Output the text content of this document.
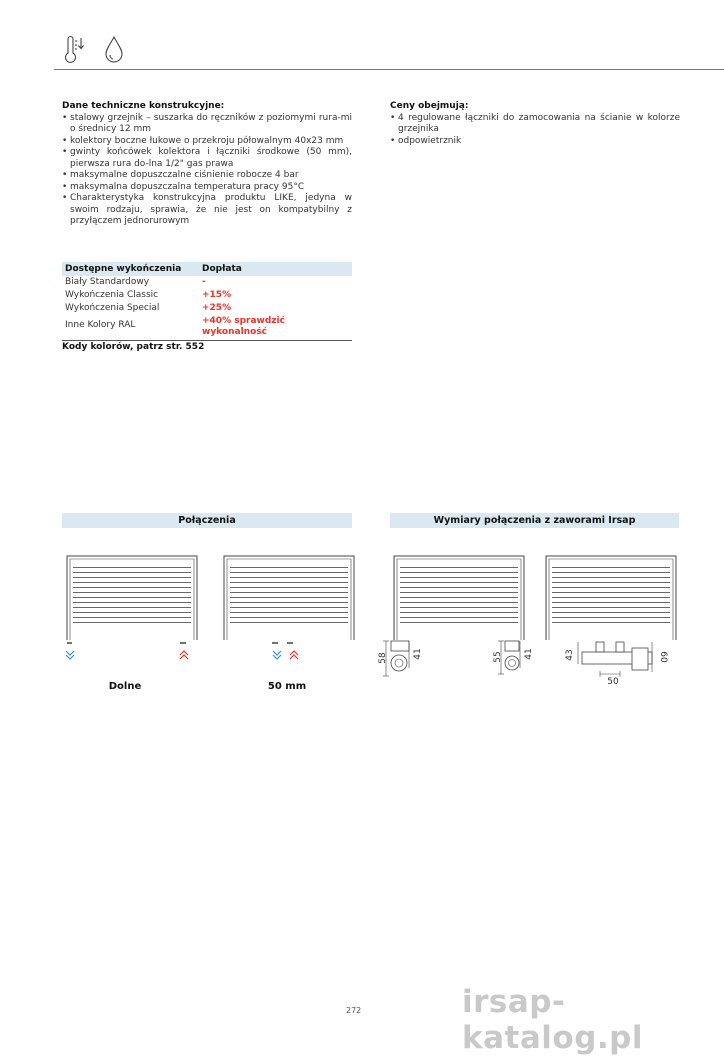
Dane techniczne konstrukcyjne:
• stalowy grzejnik – suszarka do ręczników z poziomymi rura-mi o średnicy 12 mm
• kolektory boczne łukowe o przekroju półowalnym 40x23 mm
• gwinty końcówek kolektora i łączniki środkowe (50 mm), pierwsza rura do-lna 1/2" gas prawa
• maksymalne dopuszczalne ciśnienie robocze 4 bar
• maksymalna dopuszczalna temperatura pracy 95°C
• Charakterystyka konstrukcyjna produktu LIKE, jedyna w swoim rodzaju, sprawia, że nie jest on kompatybilny z przyłączem jednorurowym
Ceny obejmują:
• 4 regulowane łączniki do zamocowania na ścianie w kolorze grzejnika
• odpowietrznik
Dostępne wykończenia	Dopłata
Biały Standardowy	-
Wykończenia Classic	+15%
Wykończenia Special	+25%
Inne Kolory RAL	+40% sprawdzić wykonalność
Kody kolorów, patrz str. 552
Połączenia	Wymiary połączenia z zaworami Irsap
58	41	55 41	43	60
50
Dolne	50 mm
272	irsap-katalog.pl
